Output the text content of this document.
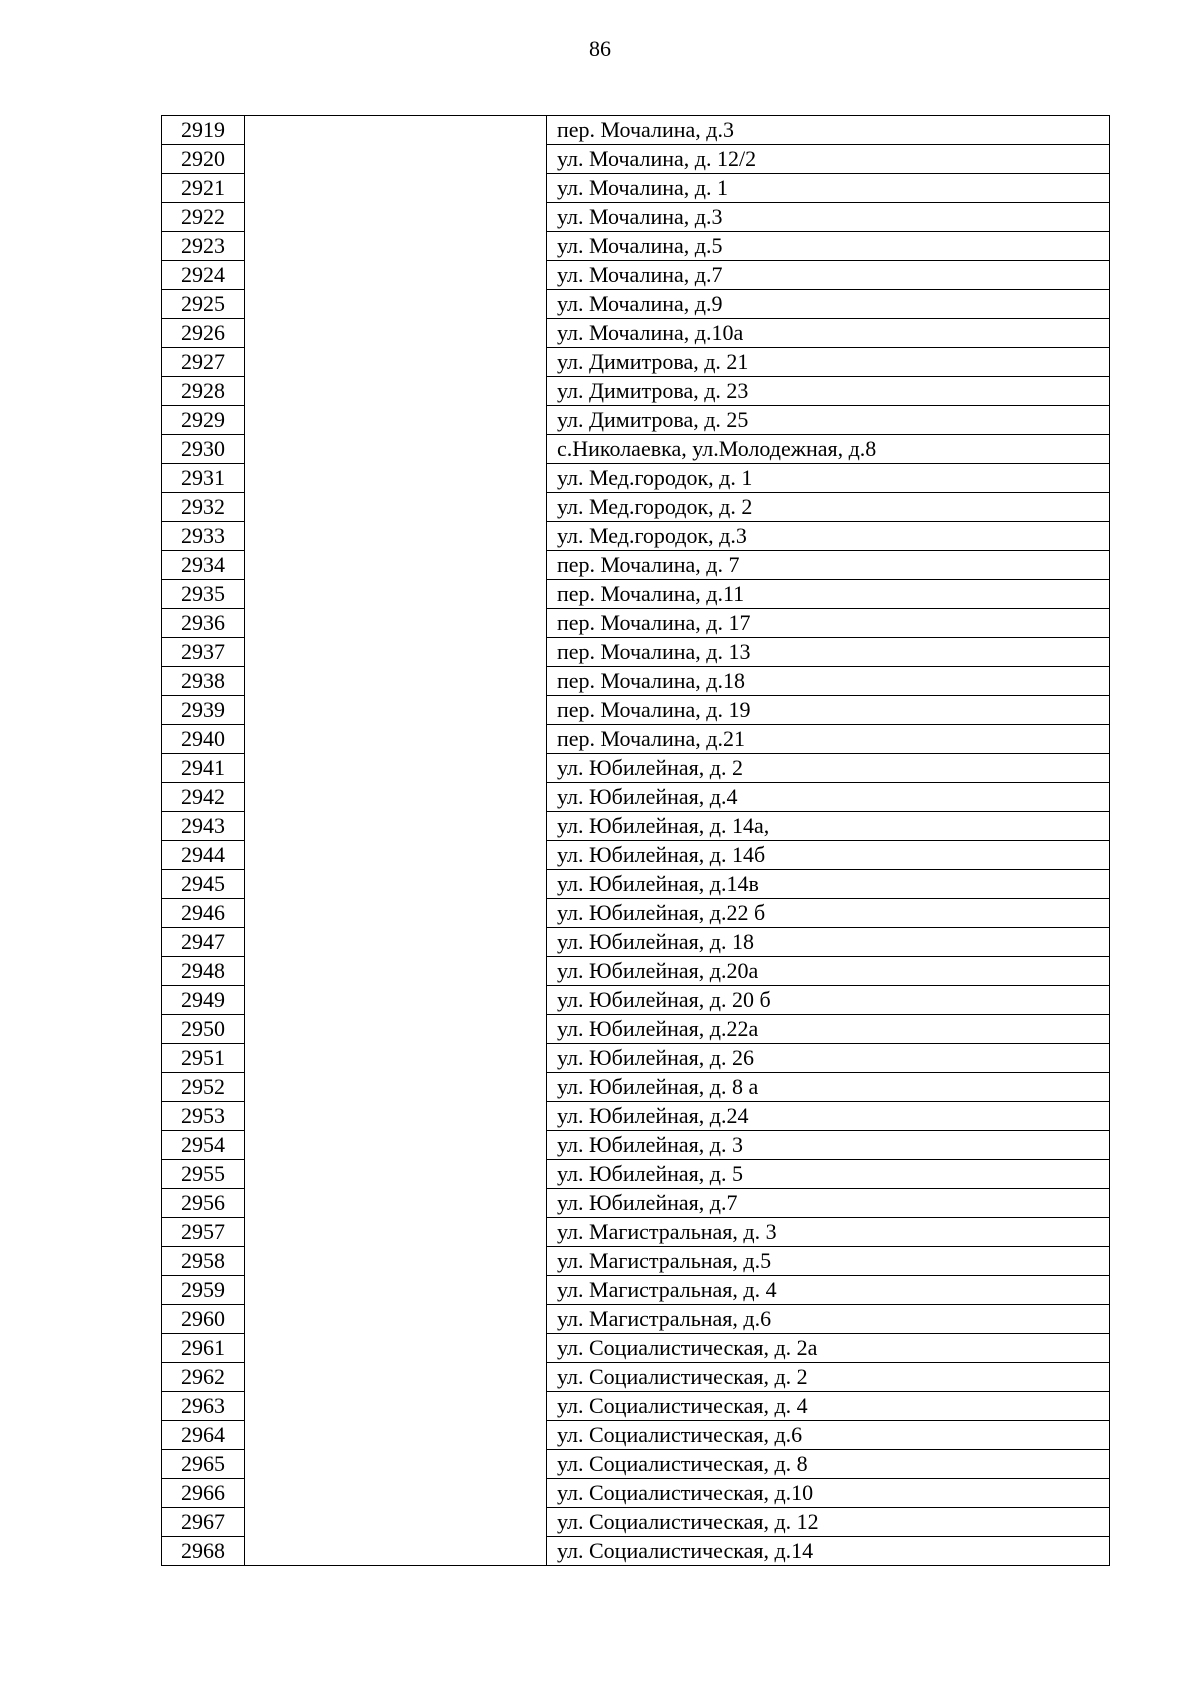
86
2919		пер. Мочалина, д.3
2920		ул. Мочалина, д. 12/2
2921		ул. Мочалина, д. 1
2922		ул. Мочалина, д.3
2923		ул. Мочалина, д.5
2924		ул. Мочалина, д.7
2925		ул. Мочалина, д.9
2926		ул. Мочалина, д.10а
2927		ул. Димитрова, д. 21
2928		ул. Димитрова, д. 23
2929		ул. Димитрова, д. 25
2930		с.Николаевка, ул.Молодежная, д.8
2931		ул. Мед.городок, д. 1
2932		ул. Мед.городок, д. 2
2933		ул. Мед.городок, д.3
2934		пер. Мочалина, д. 7
2935		пер. Мочалина, д.11
2936		пер. Мочалина, д. 17
2937		пер. Мочалина, д. 13
2938		пер. Мочалина, д.18
2939		пер. Мочалина, д. 19
2940		пер. Мочалина, д.21
2941		ул. Юбилейная, д. 2
2942		ул. Юбилейная, д.4
2943		ул. Юбилейная, д. 14а,
2944		ул. Юбилейная, д. 14б
2945		ул. Юбилейная, д.14в
2946		ул. Юбилейная, д.22 б
2947		ул. Юбилейная, д. 18
2948		ул. Юбилейная, д.20а
2949		ул. Юбилейная, д. 20 б
2950		ул. Юбилейная, д.22а
2951		ул. Юбилейная, д. 26
2952		ул. Юбилейная, д. 8 а
2953		ул. Юбилейная, д.24
2954		ул. Юбилейная, д. 3
2955		ул. Юбилейная, д. 5
2956		ул. Юбилейная, д.7
2957		ул. Магистральная, д. 3
2958		ул. Магистральная, д.5
2959		ул. Магистральная, д. 4
2960		ул. Магистральная, д.6
2961		ул. Социалистическая, д. 2а
2962		ул. Социалистическая, д. 2
2963		ул. Социалистическая, д. 4
2964		ул. Социалистическая, д.6
2965		ул. Социалистическая, д. 8
2966		ул. Социалистическая, д.10
2967		ул. Социалистическая, д. 12
2968		ул. Социалистическая, д.14
